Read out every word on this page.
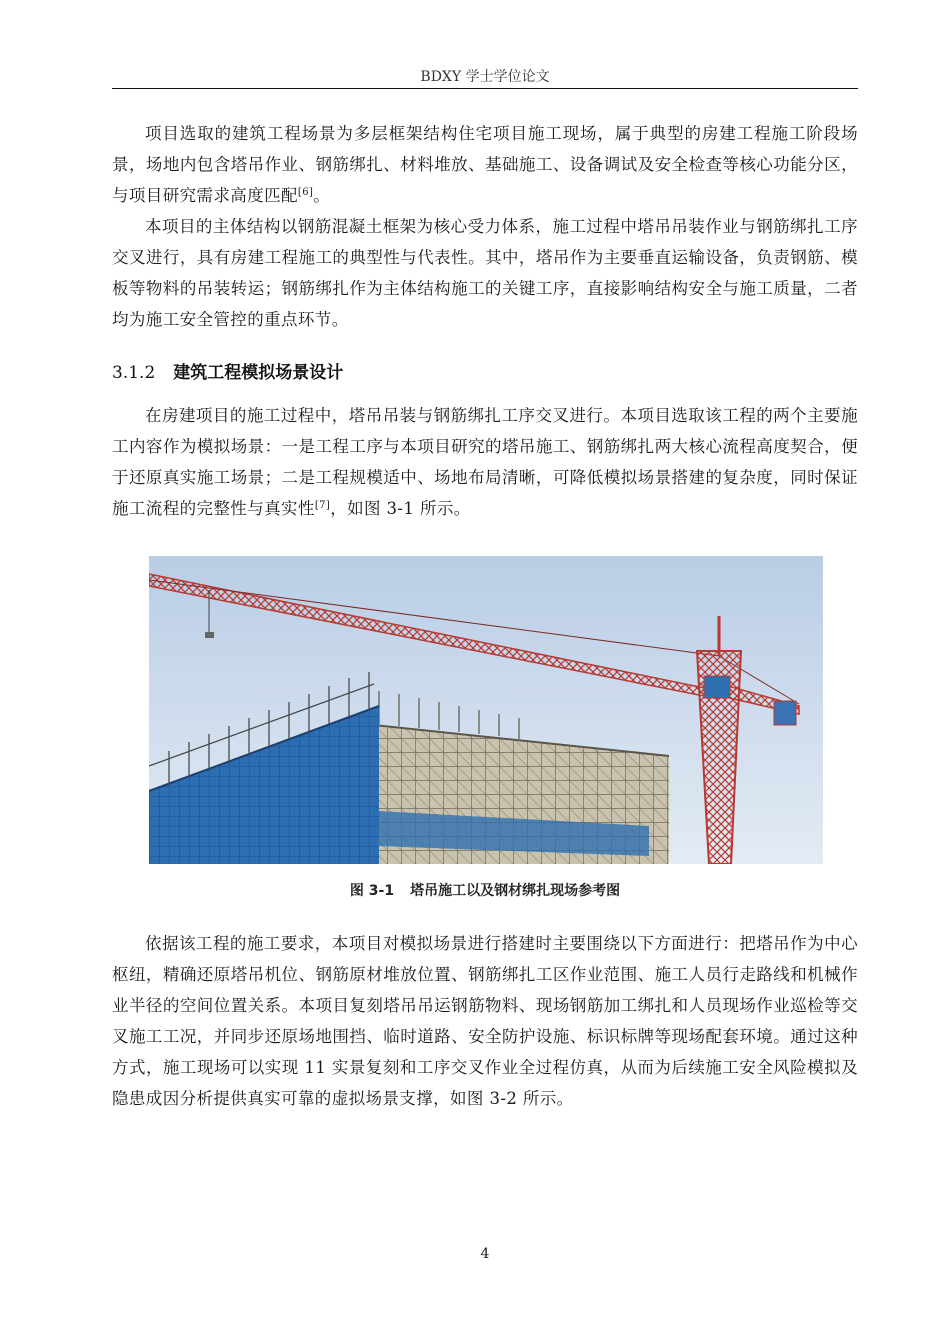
BDXY 学士学位论文

项目选取的建筑工程场景为多层框架结构住宅项目施工现场，属于典型的房建工程施工阶段场景，场地内包含塔吊作业、钢筋绑扎、材料堆放、基础施工、设备调试及安全检查等核心功能分区，与项目研究需求高度匹配[6]。

本项目的主体结构以钢筋混凝土框架为核心受力体系，施工过程中塔吊吊装作业与钢筋绑扎工序交叉进行，具有房建工程施工的典型性与代表性。其中，塔吊作为主要垂直运输设备，负责钢筋、模板等物料的吊装转运；钢筋绑扎作为主体结构施工的关键工序，直接影响结构安全与施工质量，二者均为施工安全管控的重点环节。

3.1.2 建筑工程模拟场景设计

在房建项目的施工过程中，塔吊吊装与钢筋绑扎工序交叉进行。本项目选取该工程的两个主要施工内容作为模拟场景：一是工程工序与本项目研究的塔吊施工、钢筋绑扎两大核心流程高度契合，便于还原真实施工场景；二是工程规模适中、场地布局清晰，可降低模拟场景搭建的复杂度，同时保证施工流程的完整性与真实性[7]，如图 3-1 所示。

图 3-1 塔吊施工以及钢材绑扎现场参考图

依据该工程的施工要求，本项目对模拟场景进行搭建时主要围绕以下方面进行：把塔吊作为中心枢纽，精确还原塔吊机位、钢筋原材堆放位置、钢筋绑扎工区作业范围、施工人员行走路线和机械作业半径的空间位置关系。本项目复刻塔吊吊运钢筋物料、现场钢筋加工绑扎和人员现场作业巡检等交叉施工工况，并同步还原场地围挡、临时道路、安全防护设施、标识标牌等现场配套环境。通过这种方式，施工现场可以实现 11 实景复刻和工序交叉作业全过程仿真，从而为后续施工安全风险模拟及隐患成因分析提供真实可靠的虚拟场景支撑，如图 3-2 所示。

4
